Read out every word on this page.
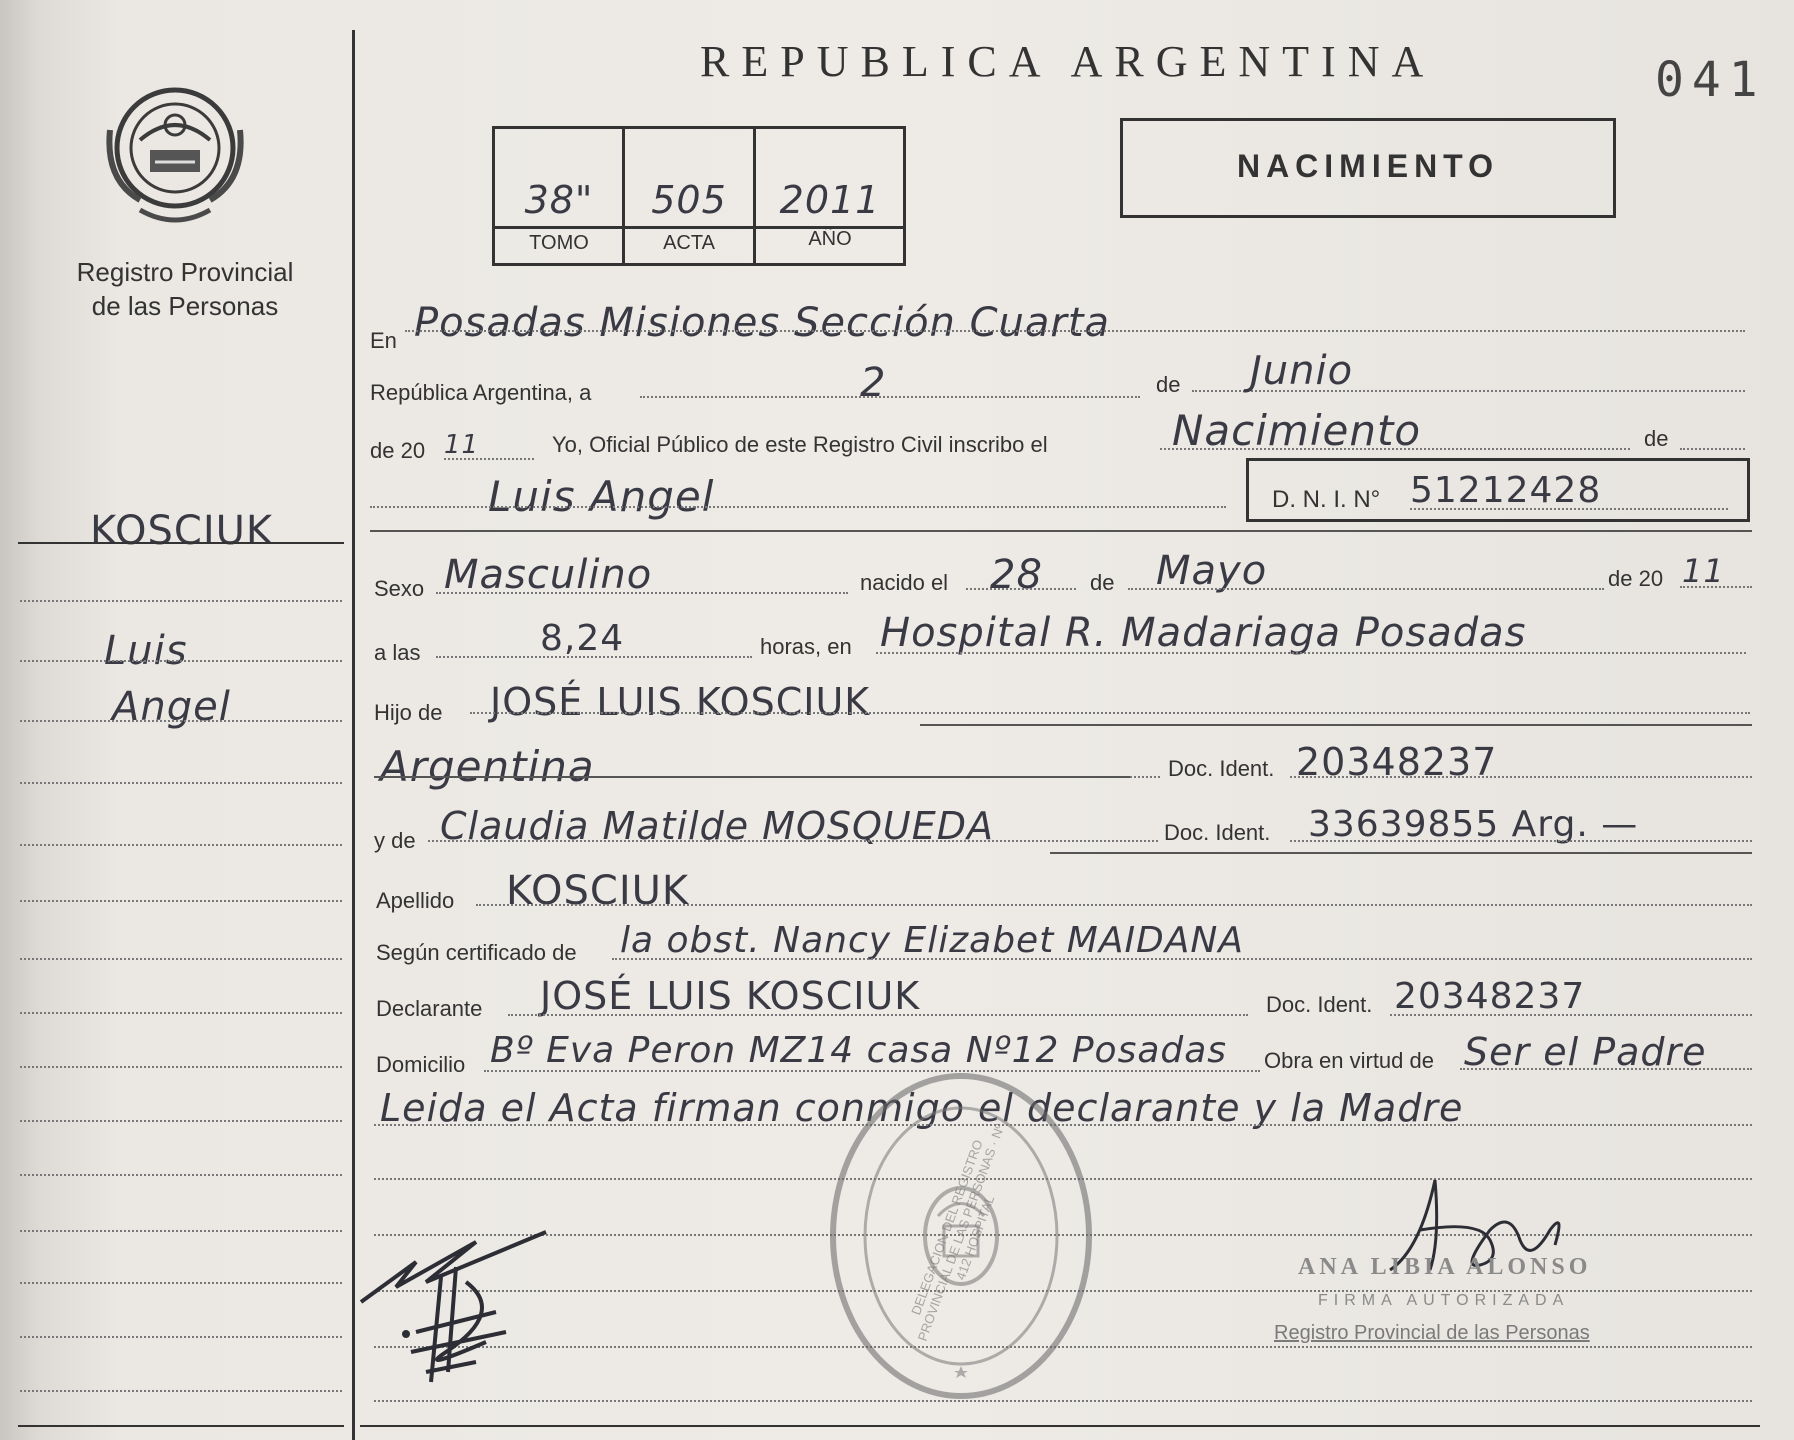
Registro Provincial
de las Personas
REPUBLICA ARGENTINA	041
NACIMIENTO
38"	505	2011
TOMO	ACTA	AÑO
KOSCIUK
Luis
Angel
En Posadas Misiones Sección Cuarta
República Argentina, a	2	de Junio
de 20 11	Yo, Oficial Público de este Registro Civil inscribo el	Nacimiento	de
Luis Angel	D. N. I. N° 51212428
Sexo Masculino	nacido el 28 de Mayo	de 20 11
a las	8,24	horas, en Hospital R. Madariaga Posadas
Hijo de JOSÉ LUIS KOSCIUK
Argentina	Doc. Ident. 20348237
y de Claudia Matilde MOSQUEDA	Doc. Ident. 33639855 Arg. —
Apellido KOSCIUK
Según certificado de la obst. Nancy Elizabet MAIDANA
Declarante JOSÉ LUIS KOSCIUK	Doc. Ident. 20348237
Domicilio Bº Eva Peron MZ14 casa Nº12 Posadas Obra en virtud de Ser el Padre
Leida el Acta firman conmigo el declarante y la Madre
DELEGACION DEL REGISTRO PROVINCIAL DE LAS PERSONAS · Nº 412 HOSPITAL	ANA LIBIA ALONSO
FIRMA AUTORIZADA
Registro Provincial de las Personas
